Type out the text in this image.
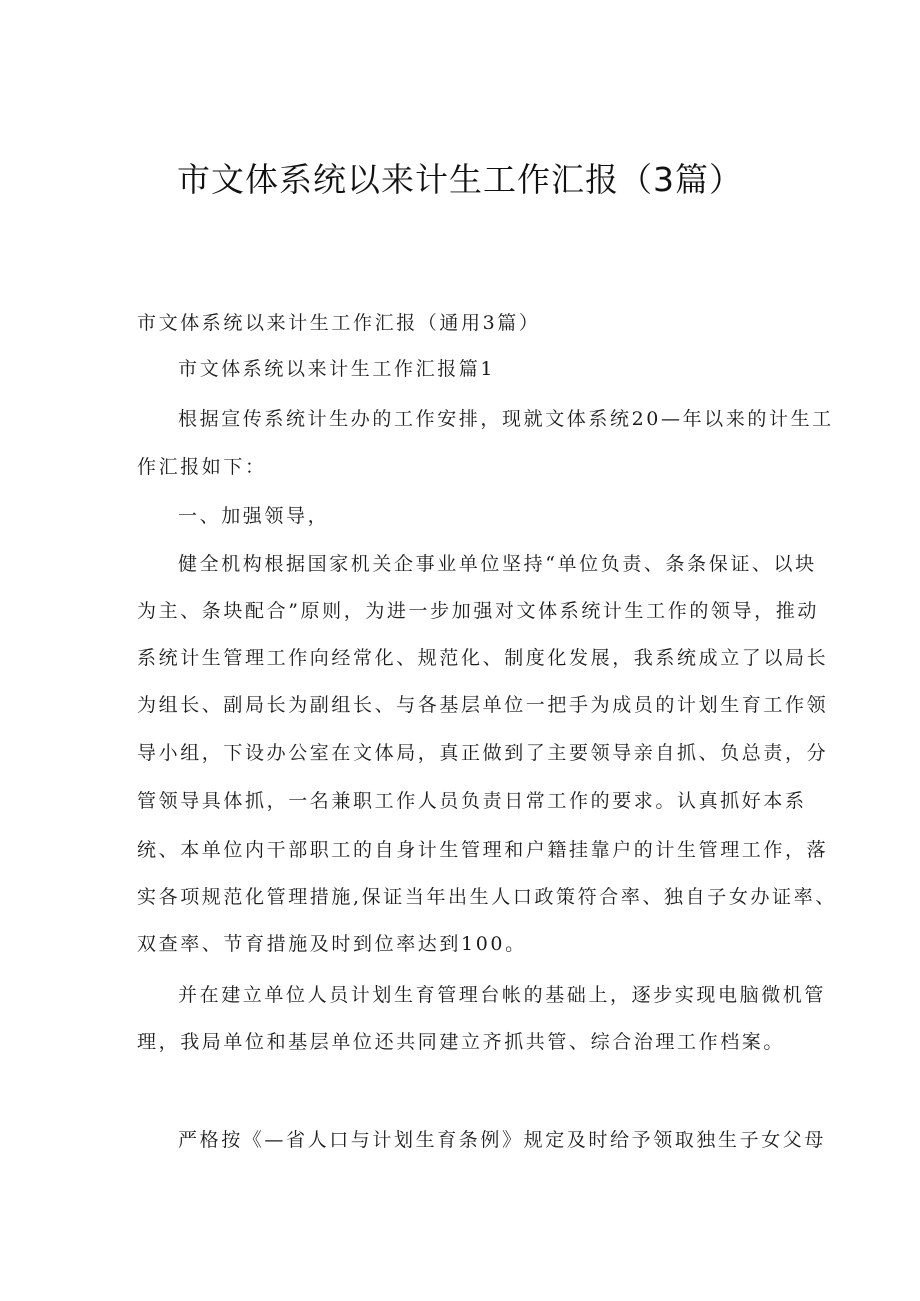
市文体系统以来计生工作汇报（3篇）

市文体系统以来计生工作汇报（通用3篇）

市文体系统以来计生工作汇报篇1

根据宣传系统计生办的工作安排，现就文体系统20—年以来的计生工

作汇报如下：

一、加强领导，

健全机构根据国家机关企事业单位坚持“单位负责、条条保证、以块

为主、条块配合”原则，为进一步加强对文体系统计生工作的领导，推动

系统计生管理工作向经常化、规范化、制度化发展，我系统成立了以局长

为组长、副局长为副组长、与各基层单位一把手为成员的计划生育工作领

导小组，下设办公室在文体局，真正做到了主要领导亲自抓、负总责，分

管领导具体抓，一名兼职工作人员负责日常工作的要求。认真抓好本系

统、本单位内干部职工的自身计生管理和户籍挂靠户的计生管理工作，落

实各项规范化管理措施,保证当年出生人口政策符合率、独自子女办证率、

双查率、节育措施及时到位率达到100。

并在建立单位人员计划生育管理台帐的基础上，逐步实现电脑微机管

理，我局单位和基层单位还共同建立齐抓共管、综合治理工作档案。

严格按《—省人口与计划生育条例》规定及时给予领取独生子女父母
